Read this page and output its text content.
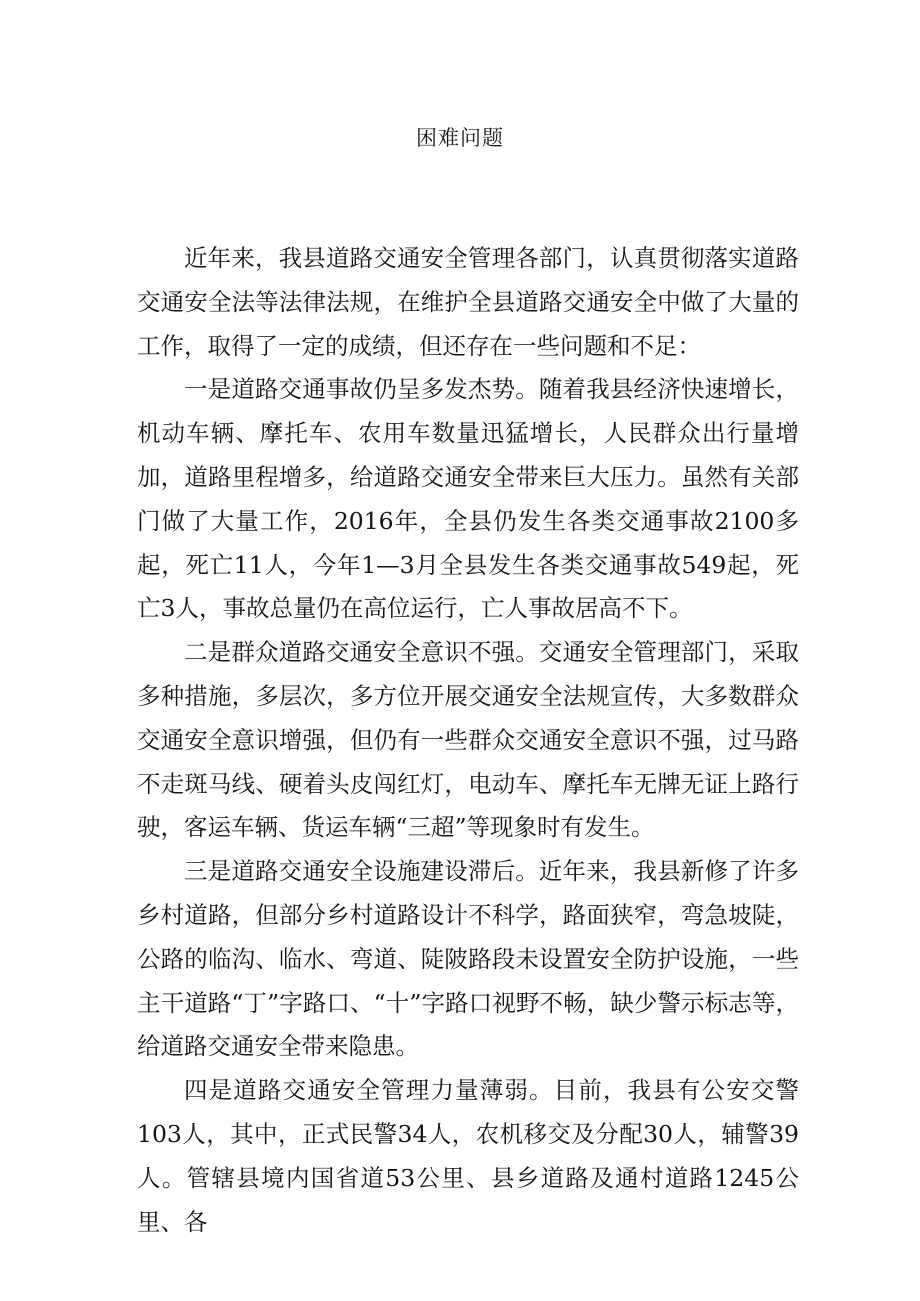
困难问题

近年来，我县道路交通安全管理各部门，认真贯彻落实道路交通安全法等法律法规，在维护全县道路交通安全中做了大量的工作，取得了一定的成绩，但还存在一些问题和不足：

一是道路交通事故仍呈多发杰势。随着我县经济快速增长，机动车辆、摩托车、农用车数量迅猛增长，人民群众出行量增加，道路里程增多，给道路交通安全带来巨大压力。虽然有关部门做了大量工作，2016年，全县仍发生各类交通事故2100多起，死亡11人，今年1—3月全县发生各类交通事故549起，死亡3人，事故总量仍在高位运行，亡人事故居高不下。

二是群众道路交通安全意识不强。交通安全管理部门，采取多种措施，多层次，多方位开展交通安全法规宣传，大多数群众交通安全意识增强，但仍有一些群众交通安全意识不强，过马路不走斑马线、硬着头皮闯红灯，电动车、摩托车无牌无证上路行驶，客运车辆、货运车辆“三超”等现象时有发生。

三是道路交通安全设施建设滞后。近年来，我县新修了许多乡村道路，但部分乡村道路设计不科学，路面狭窄，弯急坡陡，公路的临沟、临水、弯道、陡陂路段未设置安全防护设施，一些主干道路“丁”字路口、“十”字路口视野不畅，缺少警示标志等，给道路交通安全带来隐患。

四是道路交通安全管理力量薄弱。目前，我县有公安交警103人，其中，正式民警34人，农机移交及分配30人，辅警39人。管辖县境内国省道53公里、县乡道路及通村道路1245公里、各
